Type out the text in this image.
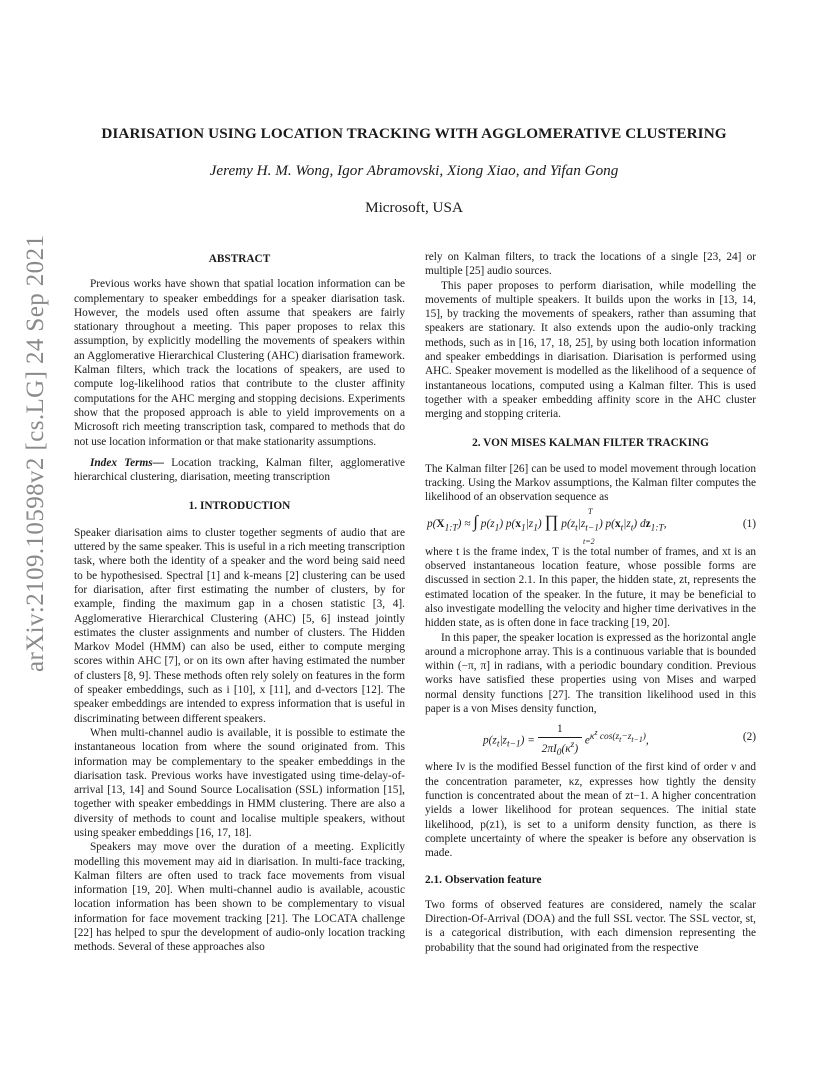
arXiv:2109.10598v2 [cs.LG] 24 Sep 2021
DIARISATION USING LOCATION TRACKING WITH AGGLOMERATIVE CLUSTERING
Jeremy H. M. Wong, Igor Abramovski, Xiong Xiao, and Yifan Gong
Microsoft, USA
ABSTRACT

Previous works have shown that spatial location information can be complementary to speaker embeddings for a speaker diarisation task. However, the models used often assume that speakers are fairly stationary throughout a meeting. This paper proposes to relax this assumption, by explicitly modelling the movements of speakers within an Agglomerative Hierarchical Clustering (AHC) diarisation framework. Kalman filters, which track the locations of speakers, are used to compute log-likelihood ratios that contribute to the cluster affinity computations for the AHC merging and stopping decisions. Experiments show that the proposed approach is able to yield improvements on a Microsoft rich meeting transcription task, compared to methods that do not use location information or that make stationarity assumptions.

Index Terms— Location tracking, Kalman filter, agglomerative hierarchical clustering, diarisation, meeting transcription

1. INTRODUCTION

Speaker diarisation aims to cluster together segments of audio that are uttered by the same speaker. This is useful in a rich meeting transcription task, where both the identity of a speaker and the word being said need to be hypothesised. Spectral [1] and k-means [2] clustering can be used for diarisation, after first estimating the number of clusters, by for example, finding the maximum gap in a chosen statistic [3, 4]. Agglomerative Hierarchical Clustering (AHC) [5, 6] instead jointly estimates the cluster assignments and number of clusters. The Hidden Markov Model (HMM) can also be used, either to compute merging scores within AHC [7], or on its own after having estimated the number of clusters [8, 9]. These methods often rely solely on features in the form of speaker embeddings, such as i [10], x [11], and d-vectors [12]. The speaker embeddings are intended to express information that is useful in discriminating between different speakers.

When multi-channel audio is available, it is possible to estimate the instantaneous location from where the sound originated from. This information may be complementary to the speaker embeddings in the diarisation task. Previous works have investigated using time-delay-of-arrival [13, 14] and Sound Source Localisation (SSL) information [15], together with speaker embeddings in HMM clustering. There are also a diversity of methods to count and localise multiple speakers, without using speaker embeddings [16, 17, 18].

Speakers may move over the duration of a meeting. Explicitly modelling this movement may aid in diarisation. In multi-face tracking, Kalman filters are often used to track face movements from visual information [19, 20]. When multi-channel audio is available, acoustic location information has been shown to be complementary to visual information for face movement tracking [21]. The LOCATA challenge [22] has helped to spur the development of audio-only location tracking methods. Several of these approaches also

rely on Kalman filters, to track the locations of a single [23, 24] or multiple [25] audio sources.

This paper proposes to perform diarisation, while modelling the movements of multiple speakers. It builds upon the works in [13, 14, 15], by tracking the movements of speakers, rather than assuming that speakers are stationary. It also extends upon the audio-only tracking methods, such as in [16, 17, 18, 25], by using both location information and speaker embeddings in diarisation. Diarisation is performed using AHC. Speaker movement is modelled as the likelihood of a sequence of instantaneous locations, computed using a Kalman filter. This is used together with a speaker embedding affinity score in the AHC cluster merging and stopping criteria.

2. VON MISES KALMAN FILTER TRACKING

The Kalman filter [26] can be used to model movement through location tracking. Using the Markov assumptions, the Kalman filter computes the likelihood of an observation sequence as

$p(X_{1:T})$ ≈ ∫ $p(z_1)$ $p(x_1|z_1)$ ∏ $p(z_t|z_{t-1})$ $p(x_t|z_t)$ $dz_{1:T}$,
T
t=2
(1)

where t is the frame index, T is the total number of frames, and xt is an observed instantaneous location feature, whose possible forms are discussed in section 2.1. In this paper, the hidden state, zt, represents the estimated location of the speaker. In the future, it may be beneficial to also investigate modelling the velocity and higher time derivatives in the hidden state, as is often done in face tracking [19, 20].

In this paper, the speaker location is expressed as the horizontal angle around a microphone array. This is a continuous variable that is bounded within (−π, π] in radians, with a periodic boundary condition. Previous works have satisfied these properties using von Mises and warped normal density functions [27]. The transition likelihood used in this paper is a von Mises density function,

$p(z_t|z_{t-1}) = \frac{1}{2\pi I_0(\kappa^z)} e^{\kappa^z cos(z_t-z_{t-1})}$,	(2)

where Iν is the modified Bessel function of the first kind of order ν and the concentration parameter, κz, expresses how tightly the density function is concentrated about the mean of zt−1. A higher concentration yields a lower likelihood for protean sequences. The initial state likelihood, p(z1), is set to a uniform density function, as there is complete uncertainty of where the speaker is before any observation is made.

2.1. Observation feature

Two forms of observed features are considered, namely the scalar Direction-Of-Arrival (DOA) and the full SSL vector. The SSL vector, st, is a categorical distribution, with each dimension representing the probability that the sound had originated from the respective
